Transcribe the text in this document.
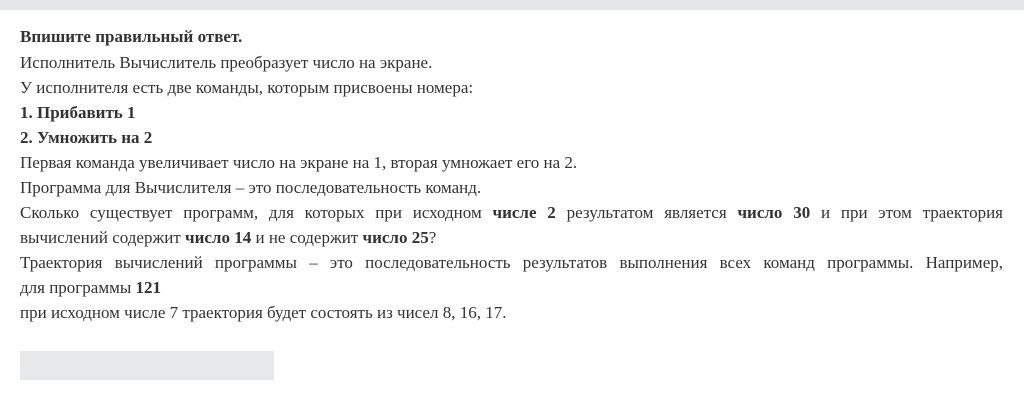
Впишите правильный ответ.

Исполнитель Вычислитель преобразует число на экране.

У исполнителя есть две команды, которым присвоены номера:

1. Прибавить 1

2. Умножить на 2

Первая команда увеличивает число на экране на 1, вторая умножает его на 2.

Программа для Вычислителя – это последовательность команд.

Сколько существует программ, для которых при исходном числе 2 результатом является число 30 и при этом траектория

вычислений содержит число 14 и не содержит число 25?

Траектория вычислений программы – это последовательность результатов выполнения всех команд программы. Например,

для программы 121

при исходном числе 7 траектория будет состоять из чисел 8, 16, 17.
